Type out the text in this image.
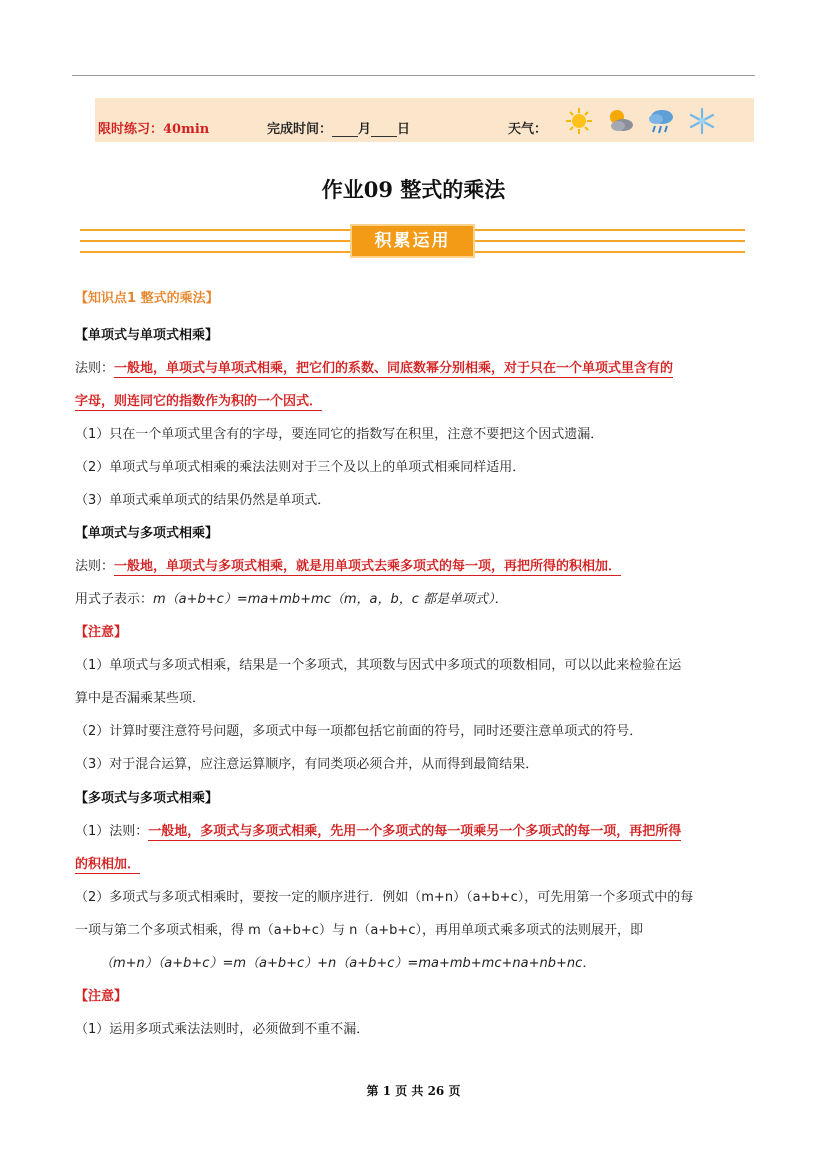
限时练习：40min	完成时间： 月 日	天气：
作业09 整式的乘法
积累运用
【知识点1 整式的乘法】
【单项式与单项式相乘】
法则：一般地，单项式与单项式相乘，把它们的系数、同底数幂分别相乘，对于只在一个单项式里含有的
字母，则连同它的指数作为积的一个因式．
（1）只在一个单项式里含有的字母，要连同它的指数写在积里，注意不要把这个因式遗漏．
（2）单项式与单项式相乘的乘法法则对于三个及以上的单项式相乘同样适用．
（3）单项式乘单项式的结果仍然是单项式．
【单项式与多项式相乘】
法则：一般地，单项式与多项式相乘，就是用单项式去乘多项式的每一项，再把所得的积相加．
用式子表示：m（a+b+c）=ma+mb+mc（m，a，b，c 都是单项式）．
【注意】
（1）单项式与多项式相乘，结果是一个多项式，其项数与因式中多项式的项数相同，可以以此来检验在运
算中是否漏乘某些项．
（2）计算时要注意符号问题，多项式中每一项都包括它前面的符号，同时还要注意单项式的符号．
（3）对于混合运算，应注意运算顺序，有同类项必须合并，从而得到最简结果．
【多项式与多项式相乘】
（1）法则：一般地，多项式与多项式相乘，先用一个多项式的每一项乘另一个多项式的每一项，再把所得
的积相加．
（2）多项式与多项式相乘时，要按一定的顺序进行．例如（m+n）（a+b+c），可先用第一个多项式中的每
一项与第二个多项式相乘，得 m（a+b+c）与 n（a+b+c），再用单项式乘多项式的法则展开，即
（m+n）（a+b+c）=m（a+b+c）+n（a+b+c）=ma+mb+mc+na+nb+nc．
【注意】
（1）运用多项式乘法法则时，必须做到不重不漏．
第 1 页 共 26 页
